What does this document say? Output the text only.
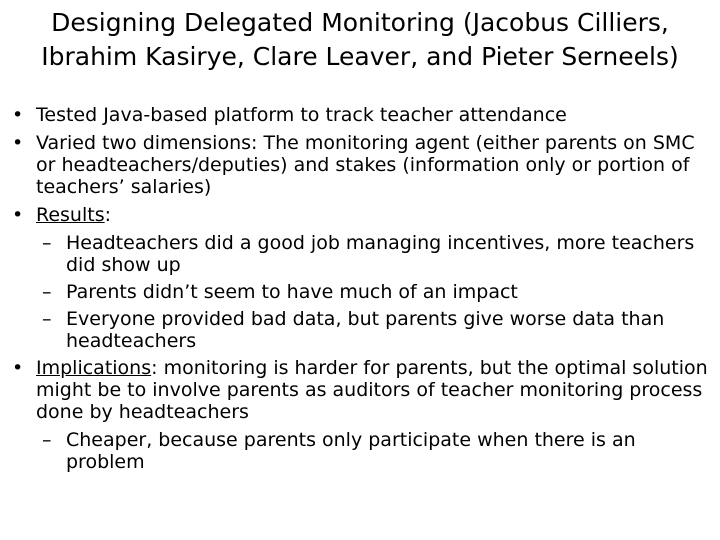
Designing Delegated Monitoring (Jacobus Cilliers, Ibrahim Kasirye, Clare Leaver, and Pieter Serneels)
• Tested Java-based platform to track teacher attendance
• Varied two dimensions: The monitoring agent (either parents on SMC or headteachers/deputies) and stakes (information only or portion of teachers’ salaries)
• Results:
– Headteachers did a good job managing incentives, more teachers did show up
– Parents didn’t seem to have much of an impact
– Everyone provided bad data, but parents give worse data than headteachers
• Implications: monitoring is harder for parents, but the optimal solution might be to involve parents as auditors of teacher monitoring process done by headteachers
– Cheaper, because parents only participate when there is an problem
